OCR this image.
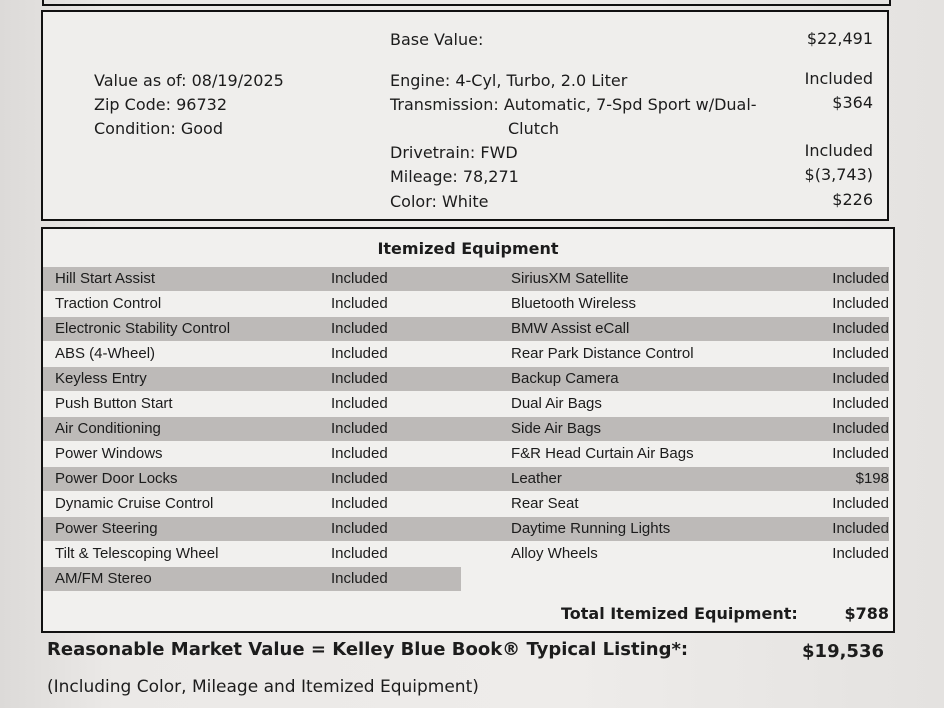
Value as of: 08/19/2025
Zip Code: 96732
Condition: Good
Base Value:	$22,491
Engine: 4-Cyl, Turbo, 2.0 Liter	Included
Transmission: Automatic, 7-Spd Sport w/Dual-
Clutch
$364
Drivetrain: FWD	Included
Mileage: 78,271	$(3,743)
Color: White	$226
Itemized Equipment
Hill Start Assist	Included	SiriusXM Satellite	Included
Traction Control	Included	Bluetooth Wireless	Included
Electronic Stability Control	Included	BMW Assist eCall	Included
ABS (4-Wheel)	Included	Rear Park Distance Control	Included
Keyless Entry	Included	Backup Camera	Included
Push Button Start	Included	Dual Air Bags	Included
Air Conditioning	Included	Side Air Bags	Included
Power Windows	Included	F&R Head Curtain Air Bags	Included
Power Door Locks	Included	Leather	$198
Dynamic Cruise Control	Included	Rear Seat	Included
Power Steering	Included	Daytime Running Lights	Included
Tilt & Telescoping Wheel	Included	Alloy Wheels	Included
AM/FM Stereo	Included
Total Itemized Equipment:	$788
Reasonable Market Value = Kelley Blue Book® Typical Listing*:	$19,536
(Including Color, Mileage and Itemized Equipment)
